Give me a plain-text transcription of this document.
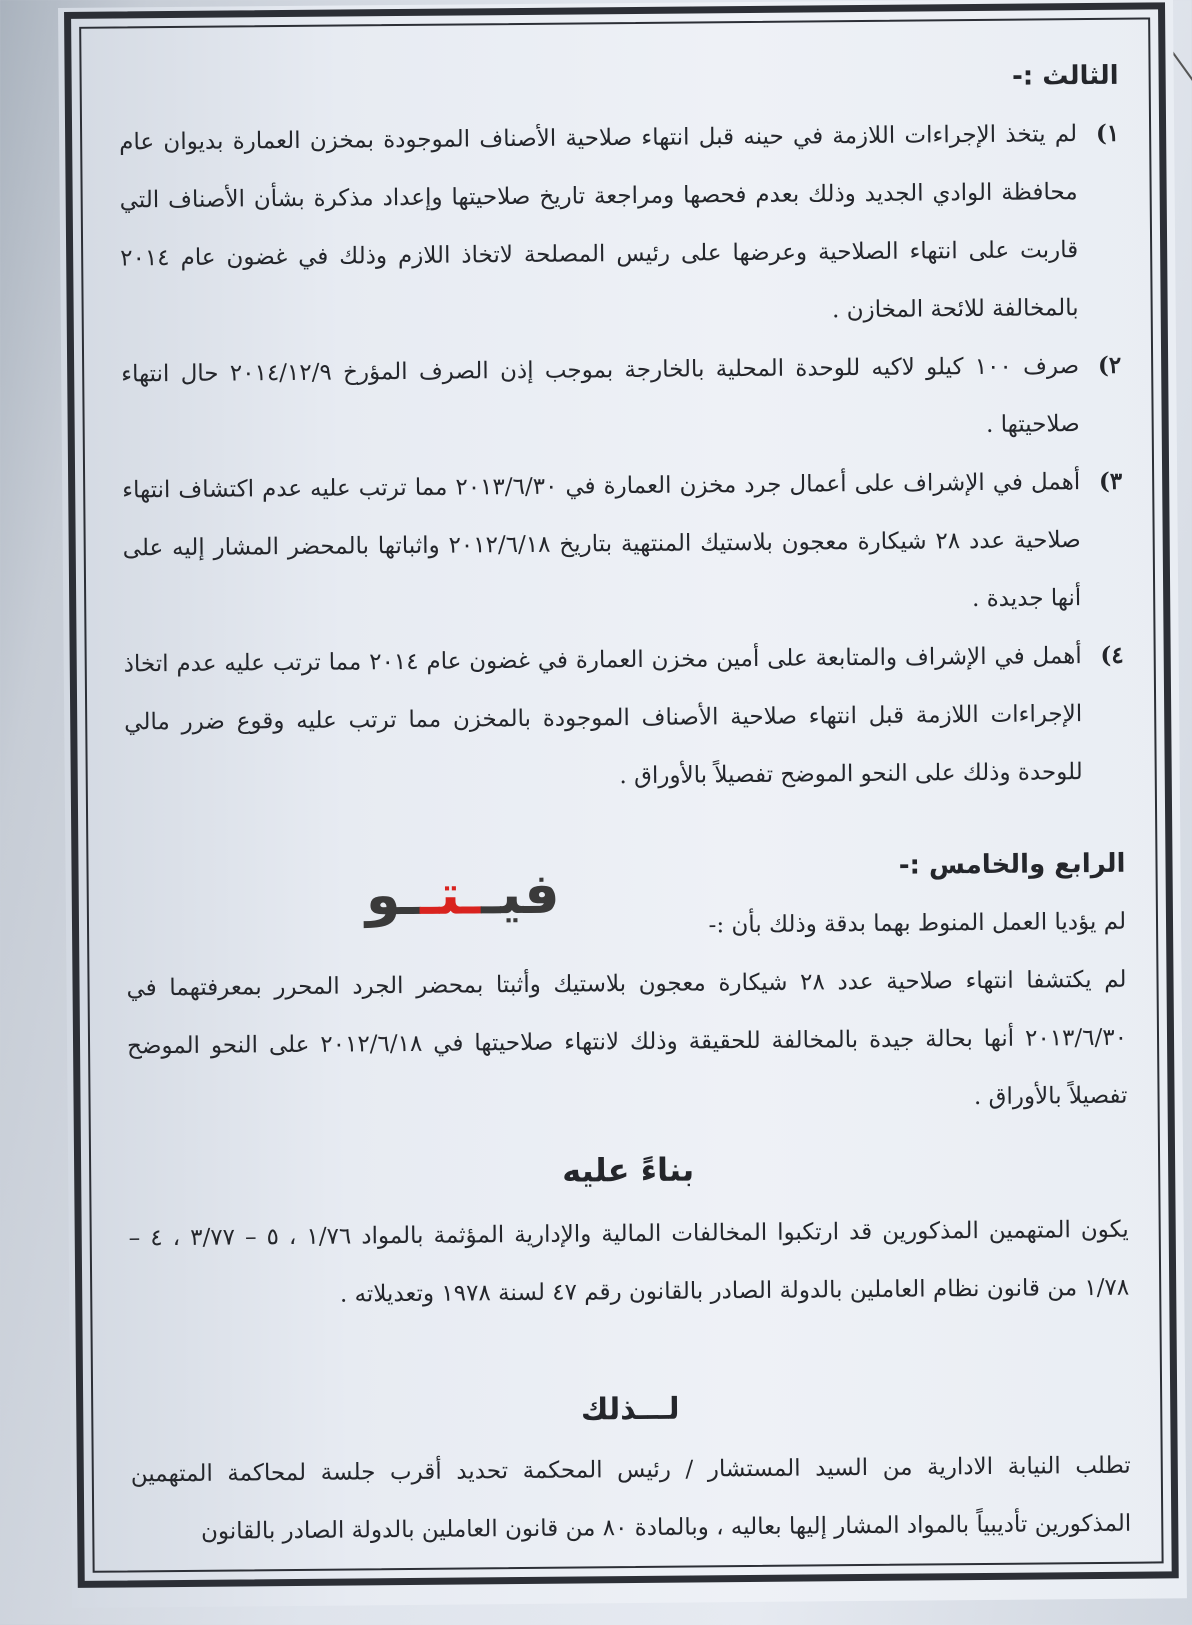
الثالث :-

١)
لم يتخذ الإجراءات اللازمة في حينه قبل انتهاء صلاحية الأصناف الموجودة بمخزن العمارة بديوان عام محافظة الوادي الجديد وذلك بعدم فحصها ومراجعة تاريخ صلاحيتها وإعداد مذكرة بشأن الأصناف التي قاربت على انتهاء الصلاحية وعرضها على رئيس المصلحة لاتخاذ اللازم وذلك في غضون عام ٢٠١٤ بالمخالفة للائحة المخازن .

٢)
صرف ١٠٠ كيلو لاكيه للوحدة المحلية بالخارجة بموجب إذن الصرف المؤرخ ٢٠١٤/١٢/٩ حال انتهاء صلاحيتها .

٣)
أهمل في الإشراف على أعمال جرد مخزن العمارة في ٢٠١٣/٦/٣٠ مما ترتب عليه عدم اكتشاف انتهاء صلاحية عدد ٢٨ شيكارة معجون بلاستيك المنتهية بتاريخ ٢٠١٢/٦/١٨ واثباتها بالمحضر المشار إليه على أنها جديدة .

٤)
أهمل في الإشراف والمتابعة على أمين مخزن العمارة في غضون عام ٢٠١٤ مما ترتب عليه عدم اتخاذ الإجراءات اللازمة قبل انتهاء صلاحية الأصناف الموجودة بالمخزن مما ترتب عليه وقوع ضرر مالي للوحدة وذلك على النحو الموضح تفصيلاً بالأوراق .

الرابع والخامس :-

لم يؤديا العمل المنوط بهما بدقة وذلك بأن :-

لم يكتشفا انتهاء صلاحية عدد ٢٨ شيكارة معجون بلاستيك وأثبتا بمحضر الجرد المحرر بمعرفتهما في ٢٠١٣/٦/٣٠ أنها بحالة جيدة بالمخالفة للحقيقة وذلك لانتهاء صلاحيتها في ٢٠١٢/٦/١٨ على النحو الموضح تفصيلاً بالأوراق .

بناءً عليه

يكون المتهمين المذكورين قد ارتكبوا المخالفات المالية والإدارية المؤثمة بالمواد ١/٧٦ ، ٥ – ٣/٧٧ ، ٤ – ١/٧٨ من قانون نظام العاملين بالدولة الصادر بالقانون رقم ٤٧ لسنة ١٩٧٨ وتعديلاته .

لـــذلك

تطلب النيابة الادارية من السيد المستشار / رئيس المحكمة تحديد أقرب جلسة لمحاكمة المتهمين المذكورين تأديبياً بالمواد المشار إليها بعاليه ، وبالمادة ٨٠ من قانون العاملين بالدولة الصادر بالقانون

فيــتــو
